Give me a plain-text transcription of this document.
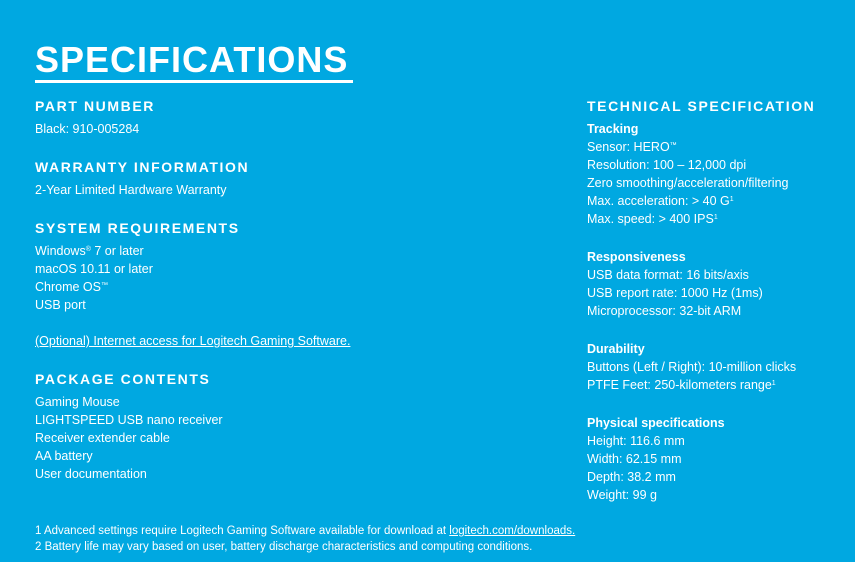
SPECIFICATIONS
PART NUMBER
Black: 910-005284
WARRANTY INFORMATION
2-Year Limited Hardware Warranty
SYSTEM REQUIREMENTS
Windows® 7 or later
macOS 10.11 or later
Chrome OS™
USB port
(Optional) Internet access for Logitech Gaming Software.
PACKAGE CONTENTS
Gaming Mouse
LIGHTSPEED USB nano receiver
Receiver extender cable
AA battery
User documentation
TECHNICAL SPECIFICATION
Tracking
Sensor: HERO™
Resolution: 100 – 12,000 dpi
Zero smoothing/acceleration/filtering
Max. acceleration: > 40 $G^1$
Max. speed: > 400 IPS$^1$
Responsiveness
USB data format: 16 bits/axis
USB report rate: 1000 Hz (1ms)
Microprocessor: 32-bit ARM
Durability
Buttons (Left / Right): 10-million clicks
PTFE Feet: 250-kilometers range$^1$
Physical specifications
Height: 116.6 mm
Width: 62.15 mm
Depth: 38.2 mm
Weight: 99 g
1 Advanced settings require Logitech Gaming Software available for download at logitech.com/downloads.
2 Battery life may vary based on user, battery discharge characteristics and computing conditions.
